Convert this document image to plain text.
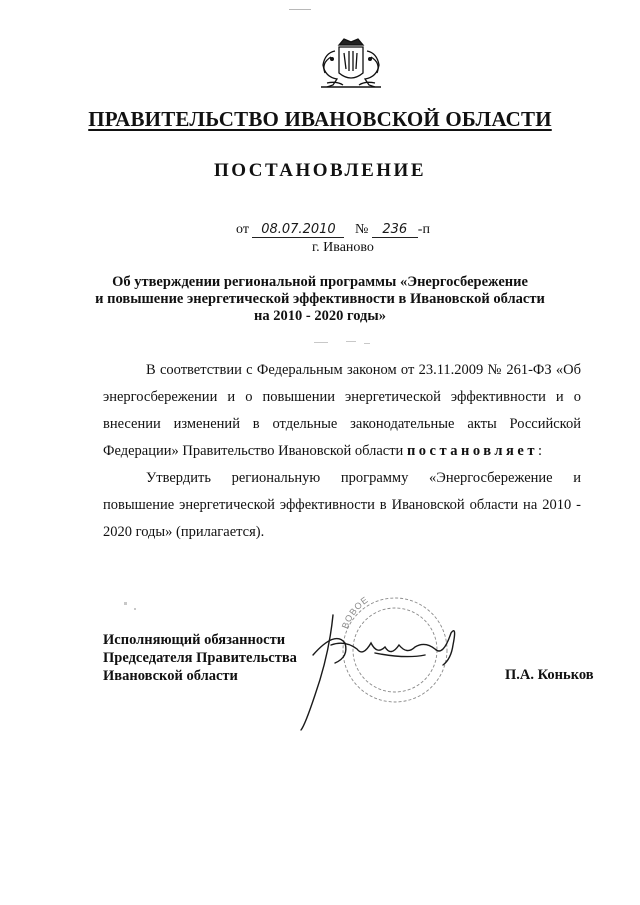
ПРАВИТЕЛЬСТВО ИВАНОВСКОЙ ОБЛАСТИ
ПОСТАНОВЛЕНИЕ
от 08.07.2010 № 236 -п
г. Иваново
Об утверждении региональной программы «Энергосбережение
и повышение энергетической эффективности в Ивановской области
на 2010 - 2020 годы»

В соответствии с Федеральным законом от 23.11.2009 № 261-ФЗ «Об энергосбережении и о повышении энергетической эффективности и о внесении изменений в отдельные законодательные акты Российской Федерации» Правительство Ивановской области постановляет:

Утвердить региональную программу «Энергосбережение и повышение энергетической эффективности в Ивановской области на 2010 - 2020 годы» (прилагается).

Исполняющий обязанности
Председателя Правительства
Ивановской области
ВОВОЕ
П.А. Коньков
